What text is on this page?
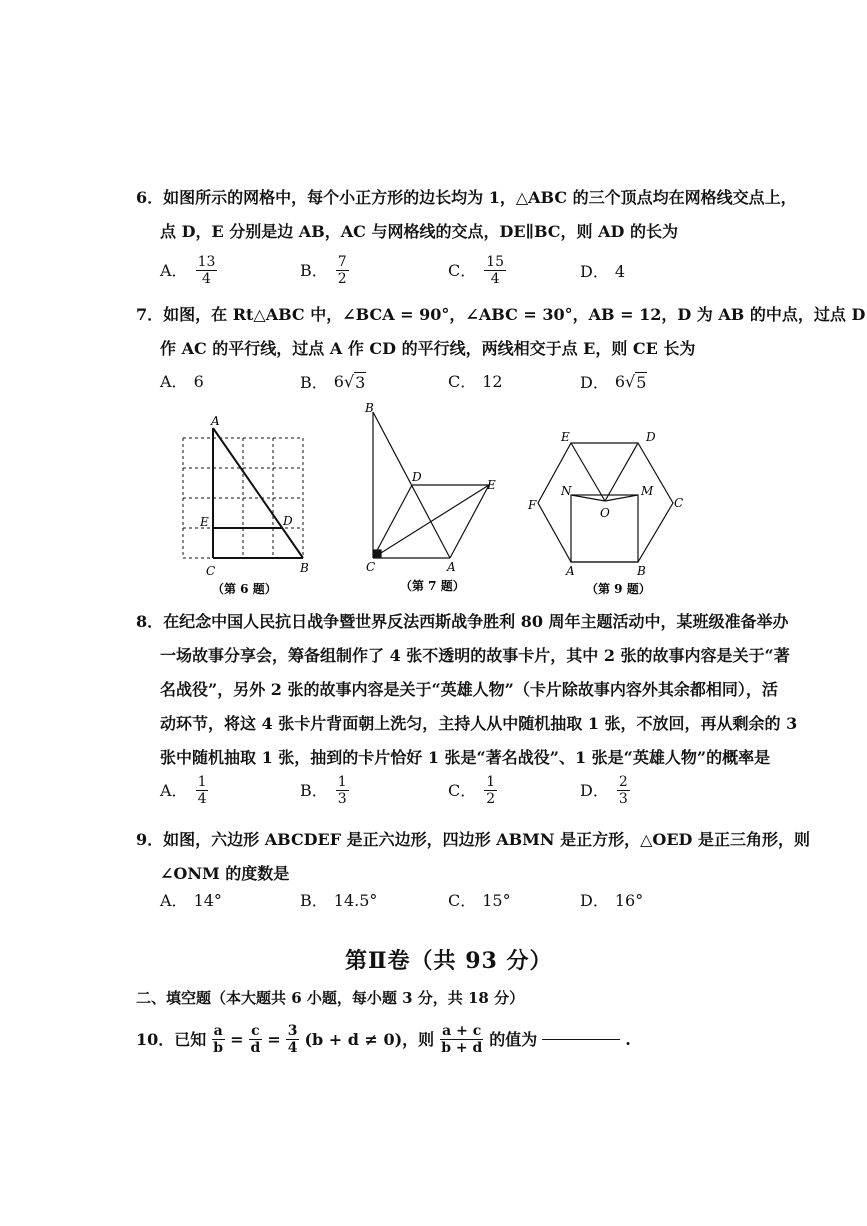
6．如图所示的网格中，每个小正方形的边长均为 1，△ABC 的三个顶点均在网格线交点上，
点 D，E 分别是边 AB，AC 与网格线的交点，DE∥BC，则 AD 的长为
A． $\frac{13}{4}$	B． $\frac{7}{2}$	C． $\frac{15}{4}$	D． 4
7．如图，在 Rt△ABC 中，∠BCA = 90°，∠ABC = 30°，AB = 12，D 为 AB 的中点，过点 D
作 AC 的平行线，过点 A 作 CD 的平行线，两线相交于点 E，则 CE 长为
A． 6	B． 6√ 3	C． 12	D． 6√ 5
A
B
C
D
E
（第 6 题）
B
C	A
D
E
（第 7 题）
E	D
F	C
N	M
O
A	B
（第 9 题）
8．在纪念中国人民抗日战争暨世界反法西斯战争胜利 80 周年主题活动中，某班级准备举办
一场故事分享会，筹备组制作了 4 张不透明的故事卡片，其中 2 张的故事内容是关于“著
名战役”，另外 2 张的故事内容是关于“英雄人物”（卡片除故事内容外其余都相同），活
动环节，将这 4 张卡片背面朝上洗匀，主持人从中随机抽取 1 张，不放回，再从剩余的 3
张中随机抽取 1 张，抽到的卡片恰好 1 张是“著名战役”、1 张是“英雄人物”的概率是
A． $\frac{1}{4}$	B． $\frac{1}{3}$	C． $\frac{1}{2}$	D． $\frac{2}{3}$
9．如图，六边形 ABCDEF 是正六边形，四边形 ABMN 是正方形，△OED 是正三角形，则
∠ONM 的度数是
A． 14°	B． 14.5°	C． 15°	D． 16°
第Ⅱ卷（共 93 分）
二、填空题（本大题共 6 小题，每小题 3 分，共 18 分）
10．已知 $\frac{a}{b} = \frac{c}{d} = \frac{3}{4} (b + d \ne 0)$，则 $\frac{a + c}{b + d}$ 的值为	.
